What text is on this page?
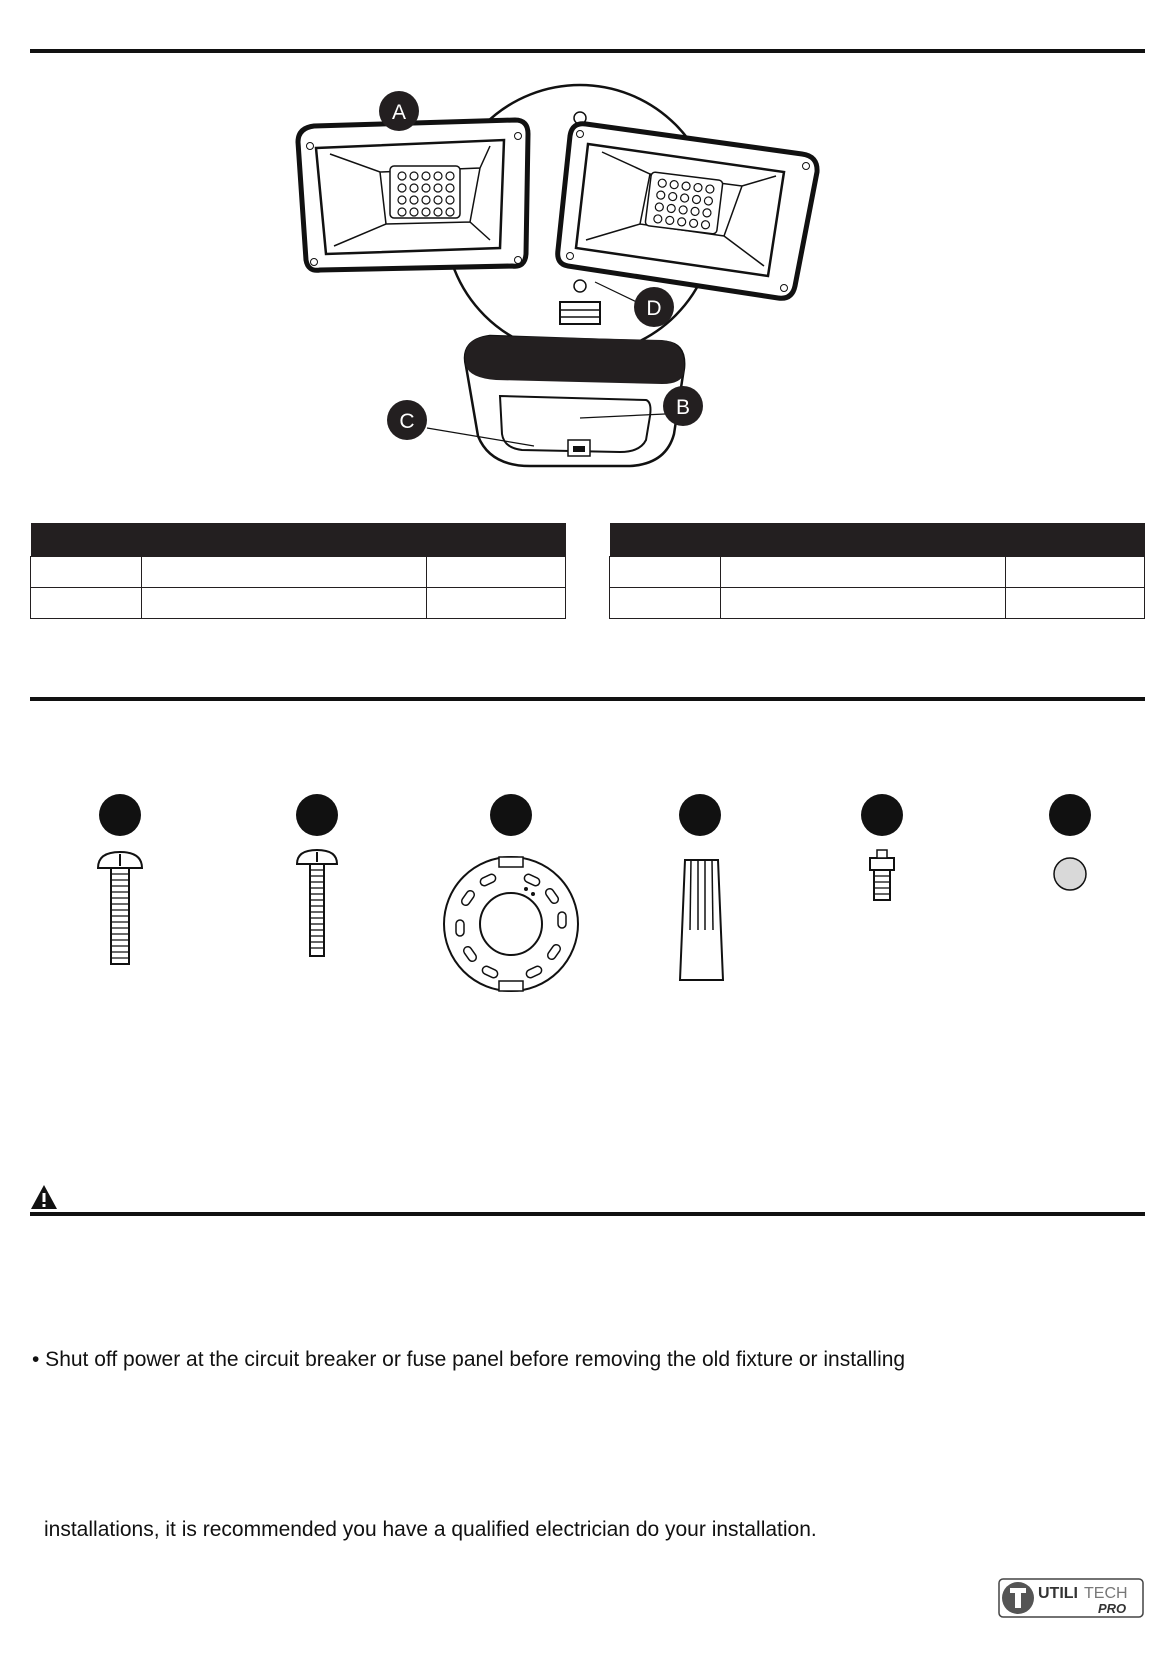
A
D
B
C

• Shut off power at the circuit breaker or fuse panel before removing the old fixture or installing
installations, it is recommended you have a qualified electrician do your installation.
UTILI TECH
PRO
